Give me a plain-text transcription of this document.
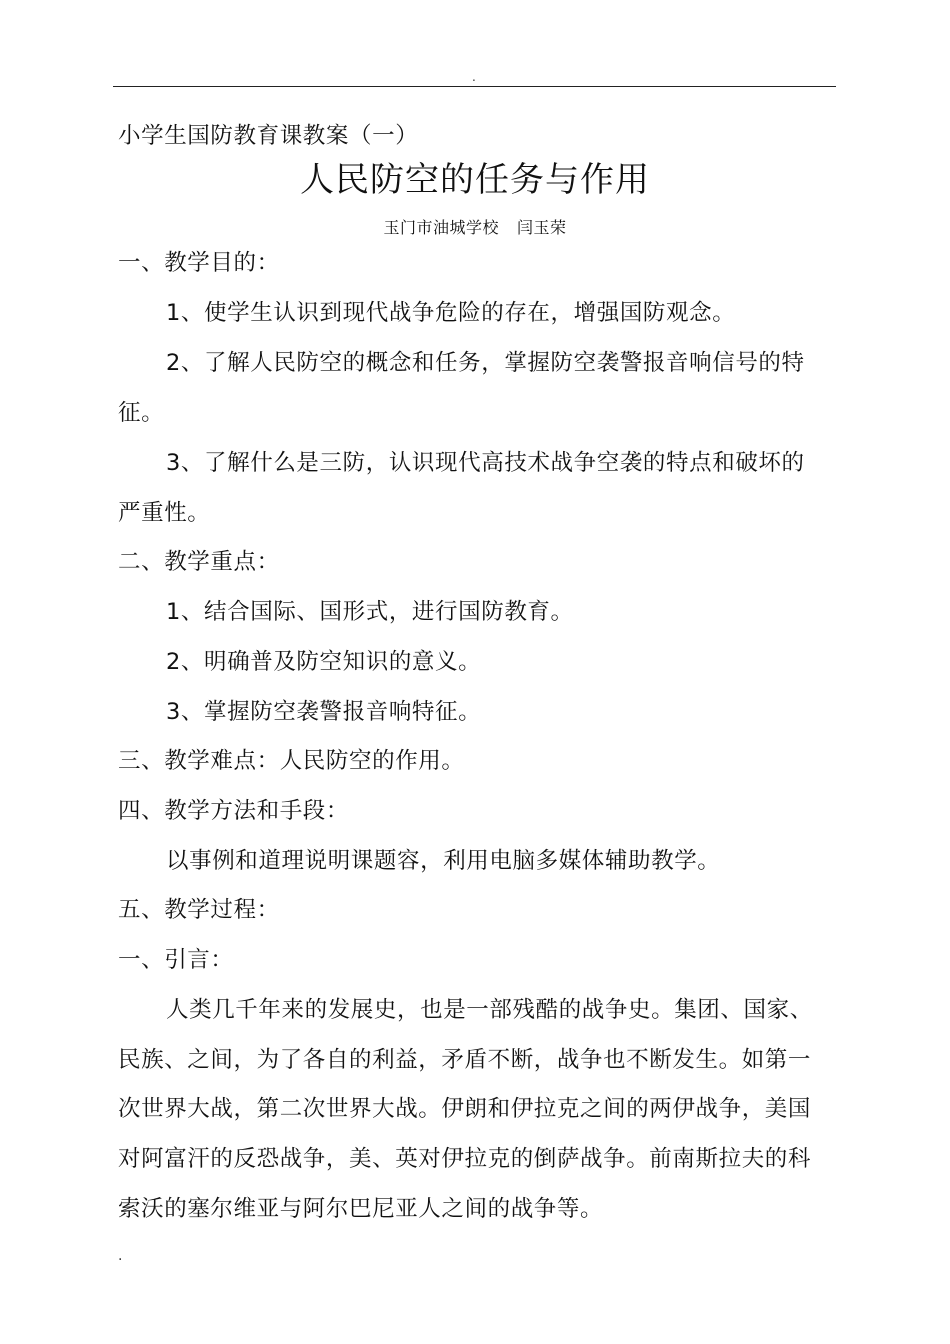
.
小学生国防教育课教案（一）
人民防空的任务与作用
玉门市油城学校 闫玉荣
一、教学目的：
1、使学生认识到现代战争危险的存在，增强国防观念。
2、了解人民防空的概念和任务，掌握防空袭警报音响信号的特
征。
3、了解什么是三防，认识现代高技术战争空袭的特点和破坏的
严重性。
二、教学重点：
1、结合国际、国形式，进行国防教育。
2、明确普及防空知识的意义。
3、掌握防空袭警报音响特征。
三、教学难点：人民防空的作用。
四、教学方法和手段：
以事例和道理说明课题容，利用电脑多媒体辅助教学。
五、教学过程：
一、引言：
人类几千年来的发展史，也是一部残酷的战争史。集团、国家、
民族、之间，为了各自的利益，矛盾不断，战争也不断发生。如第一
次世界大战，第二次世界大战。伊朗和伊拉克之间的两伊战争，美国
对阿富汗的反恐战争，美、英对伊拉克的倒萨战争。前南斯拉夫的科
索沃的塞尔维亚与阿尔巴尼亚人之间的战争等。
.
